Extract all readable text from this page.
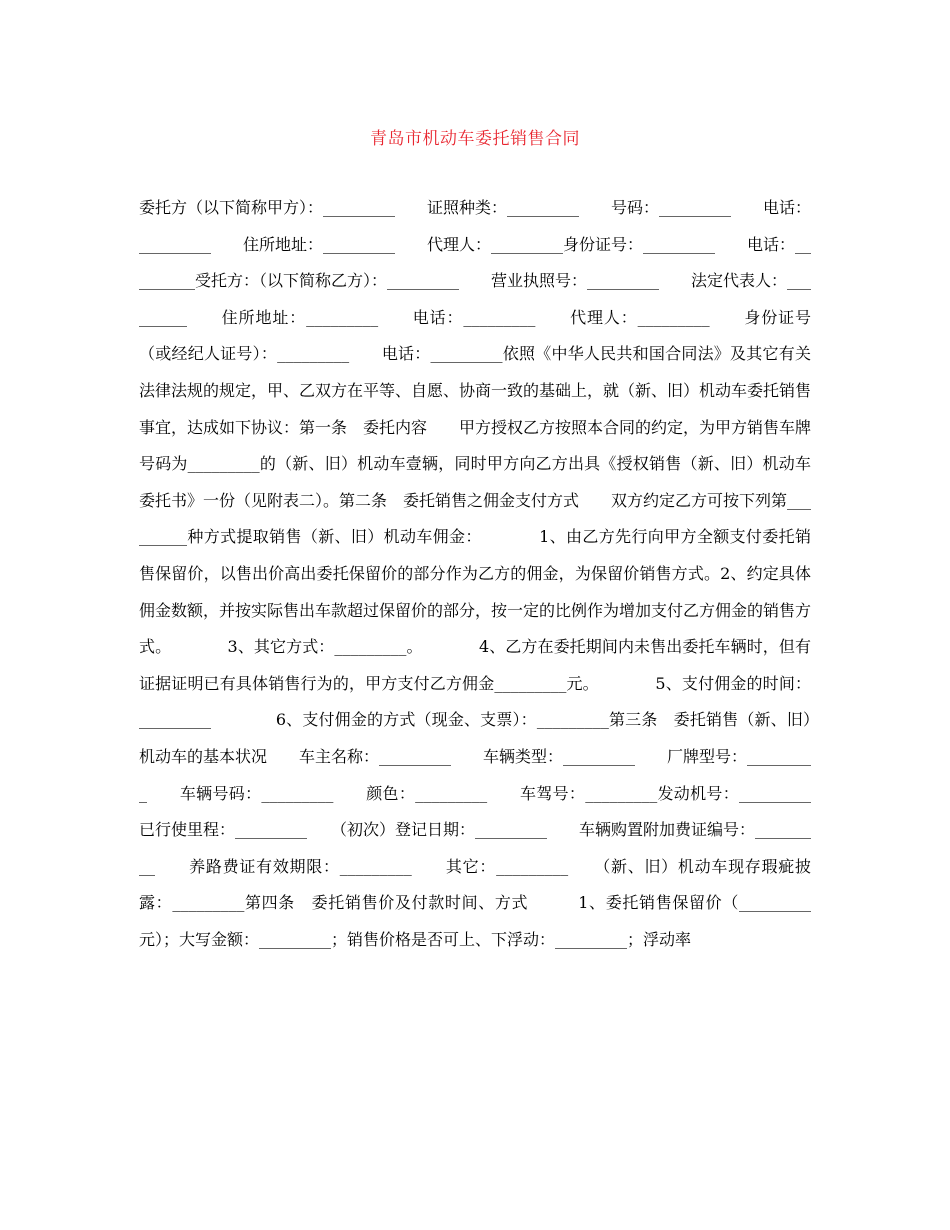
青岛市机动车委托销售合同

委托方（以下简称甲方）：_________　　证照种类：_________　　号码：_________　　电话：_________　　住所地址：_________　　代理人：_________身份证号：_________　　电话：_________受托方：（以下简称乙方）：_________　　营业执照号：_________　　法定代表人：_________　　住所地址：_________　　电话：_________　　代理人：_________　　身份证号（或经纪人证号）：_________　　电话：_________依照《中华人民共和国合同法》及其它有关法律法规的规定，甲、乙双方在平等、自愿、协商一致的基础上，就（新、旧）机动车委托销售事宜，达成如下协议：第一条　委托内容　　甲方授权乙方按照本合同的约定，为甲方销售车牌号码为_________的（新、旧）机动车壹辆，同时甲方向乙方出具《授权销售（新、旧）机动车委托书》一份（见附表二）。第二条　委托销售之佣金支付方式　　双方约定乙方可按下列第_________种方式提取销售（新、旧）机动车佣金：　　　　1、由乙方先行向甲方全额支付委托销售保留价，以售出价高出委托保留价的部分作为乙方的佣金，为保留价销售方式。2、约定具体佣金数额，并按实际售出车款超过保留价的部分，按一定的比例作为增加支付乙方佣金的销售方式。　　　　3、其它方式：_________。　　　　4、乙方在委托期间内未售出委托车辆时，但有证据证明已有具体销售行为的，甲方支付乙方佣金_________元。　　　　5、支付佣金的时间：_________　　　　6、支付佣金的方式（现金、支票）：_________第三条　委托销售（新、旧）机动车的基本状况　　车主名称：_________　　车辆类型：_________　　厂牌型号：_________　　车辆号码：_________　　颜色：_________　　车驾号：_________发动机号：_________　　已行使里程：_________　　（初次）登记日期：_________　　车辆购置附加费证编号：_________　　养路费证有效期限：_________　　其它：_________　　（新、旧）机动车现存瑕疵披露：_________第四条　委托销售价及付款时间、方式　　　1、委托销售保留价（_________元）；大写金额：_________；销售价格是否可上、下浮动：_________；浮动率
